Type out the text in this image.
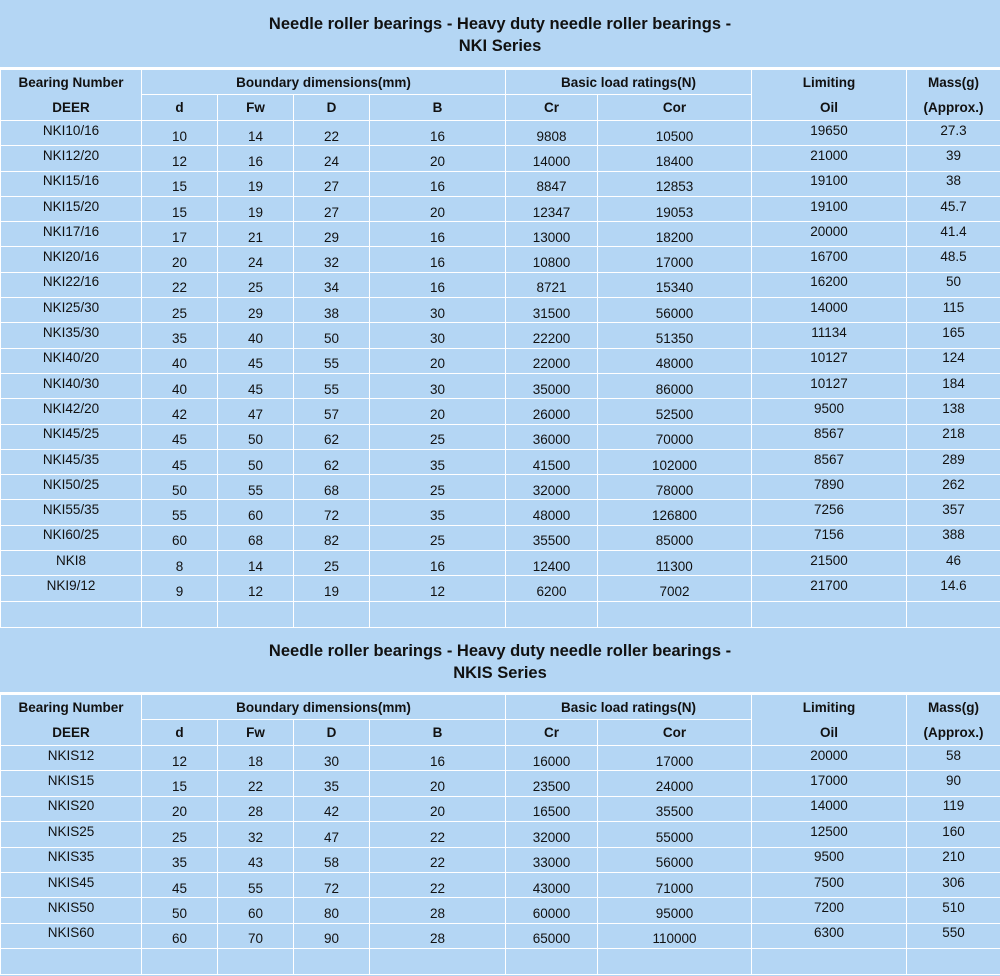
Needle roller bearings - Heavy duty needle roller bearings -
NKI Series
Bearing Number	Boundary dimensions(mm)				Basic load ratings(N)		Limiting	Mass(g)
DEER	d	Fw	D	B	Cr	Cor	Oil	(Approx.)
NKI10/16	10	14	22	16	9808	10500	19650	27.3
NKI12/20	12	16	24	20	14000	18400	21000	39
NKI15/16	15	19	27	16	8847	12853	19100	38
NKI15/20	15	19	27	20	12347	19053	19100	45.7
NKI17/16	17	21	29	16	13000	18200	20000	41.4
NKI20/16	20	24	32	16	10800	17000	16700	48.5
NKI22/16	22	25	34	16	8721	15340	16200	50
NKI25/30	25	29	38	30	31500	56000	14000	115
NKI35/30	35	40	50	30	22200	51350	11134	165
NKI40/20	40	45	55	20	22000	48000	10127	124
NKI40/30	40	45	55	30	35000	86000	10127	184
NKI42/20	42	47	57	20	26000	52500	9500	138
NKI45/25	45	50	62	25	36000	70000	8567	218
NKI45/35	45	50	62	35	41500	102000	8567	289
NKI50/25	50	55	68	25	32000	78000	7890	262
NKI55/35	55	60	72	35	48000	126800	7256	357
NKI60/25	60	68	82	25	35500	85000	7156	388
NKI8	8	14	25	16	12400	11300	21500	46
NKI9/12	9	12	19	12	6200	7002	21700	14.6

Needle roller bearings - Heavy duty needle roller bearings -
NKIS Series
Bearing Number	Boundary dimensions(mm)				Basic load ratings(N)		Limiting	Mass(g)
DEER	d	Fw	D	B	Cr	Cor	Oil	(Approx.)
NKIS12	12	18	30	16	16000	17000	20000	58
NKIS15	15	22	35	20	23500	24000	17000	90
NKIS20	20	28	42	20	16500	35500	14000	119
NKIS25	25	32	47	22	32000	55000	12500	160
NKIS35	35	43	58	22	33000	56000	9500	210
NKIS45	45	55	72	22	43000	71000	7500	306
NKIS50	50	60	80	28	60000	95000	7200	510
NKIS60	60	70	90	28	65000	110000	6300	550
